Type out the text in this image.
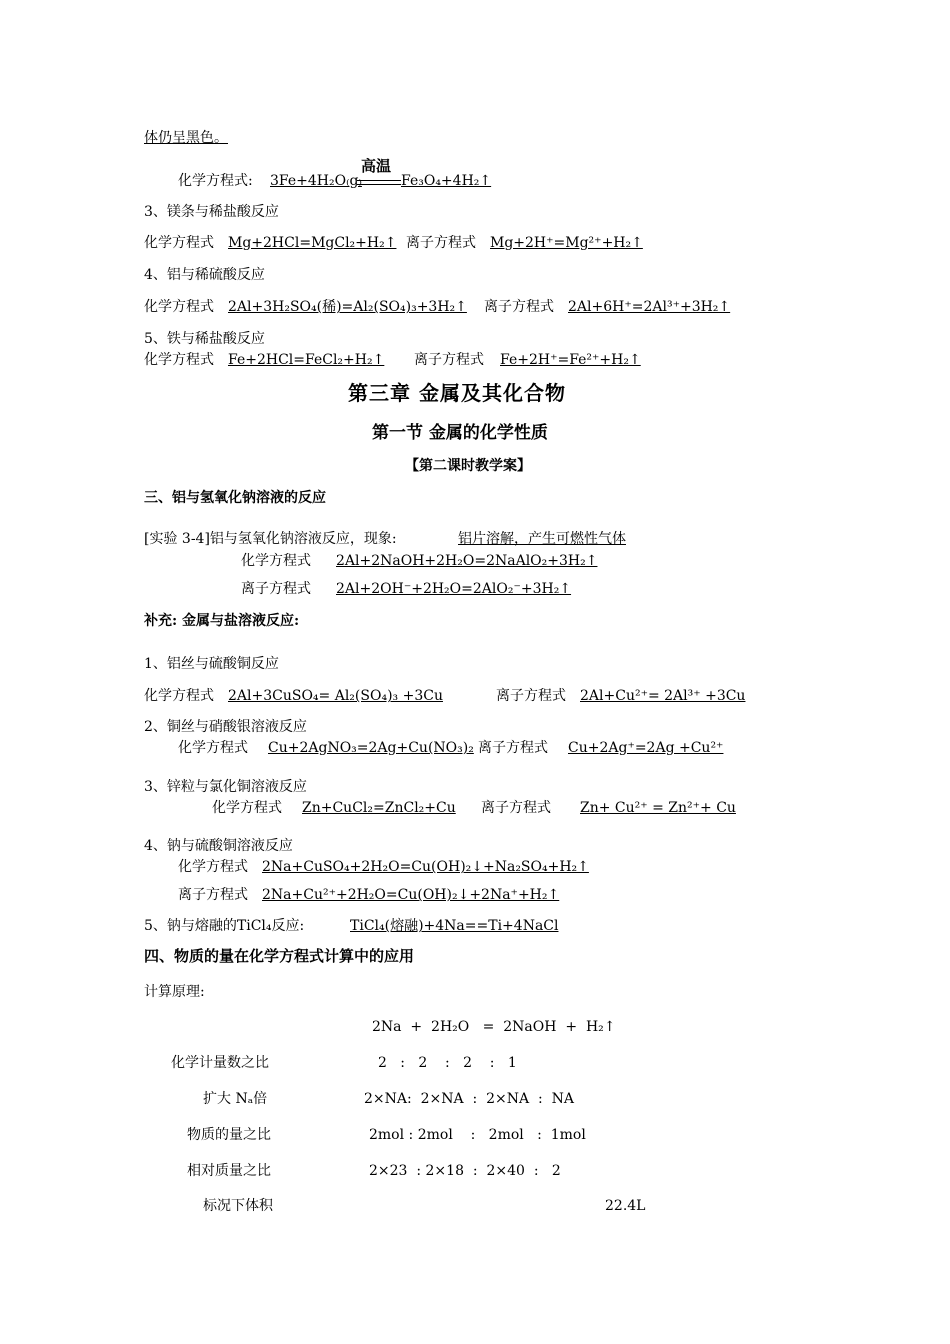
体仍呈黑色。
化学方程式: 3Fe+4H₂O₍g₎
高温
Fe₃O₄+4H₂↑
3、镁条与稀盐酸反应
化学方程式 Mg+2HCl=MgCl₂+H₂↑ 离子方程式 Mg+2H⁺=Mg²⁺+H₂↑
4、铝与稀硫酸反应
化学方程式 2Al+3H₂SO₄(稀)=Al₂(SO₄)₃+3H₂↑ 离子方程式 2Al+6H⁺=2Al³⁺+3H₂↑
5、铁与稀盐酸反应
化学方程式 Fe+2HCl=FeCl₂+H₂↑ 离子方程式 Fe+2H⁺=Fe²⁺+H₂↑
第三章 金属及其化合物
第一节 金属的化学性质
【第二课时教学案】
三、铝与氢氧化钠溶液的反应
[实验 3-4]铝与氢氧化钠溶液反应，现象:	铝片溶解，产生可燃性气体
化学方程式 2Al+2NaOH+2H₂O=2NaAlO₂+3H₂↑
离子方程式 2Al+2OH⁻+2H₂O=2AlO₂⁻+3H₂↑
补充: 金属与盐溶液反应:
1、铝丝与硫酸铜反应
化学方程式 2Al+3CuSO₄= Al₂(SO₄)₃ +3Cu	离子方程式 2Al+Cu²⁺= 2Al³⁺ +3Cu
2、铜丝与硝酸银溶液反应
化学方程式 Cu+2AgNO₃=2Ag+Cu(NO₃)₂ 离子方程式 Cu+2Ag⁺=2Ag +Cu²⁺
3、锌粒与氯化铜溶液反应
化学方程式 Zn+CuCl₂=ZnCl₂+Cu 离子方程式 Zn+ Cu²⁺ = Zn²⁺+ Cu
4、钠与硫酸铜溶液反应
化学方程式 2Na+CuSO₄+2H₂O=Cu(OH)₂↓+Na₂SO₄+H₂↑
离子方程式 2Na+Cu²⁺+2H₂O=Cu(OH)₂↓+2Na⁺+H₂↑
5、钠与熔融的TiCl₄反应:	TiCl₄(熔融)+4Na==Ti+4NaCl
四、物质的量在化学方程式计算中的应用
计算原理:
2Na  +  2H₂O   =  2NaOH  +  H₂↑
化学计量数之比	2   :   2    :   2    :   1
扩大 Nₐ倍	2×NA:  2×NA  :  2×NA  :  NA
物质的量之比	2mol : 2mol    :   2mol   :  1mol
相对质量之比	2×23  : 2×18  :  2×40  :   2
标况下体积	22.4L
